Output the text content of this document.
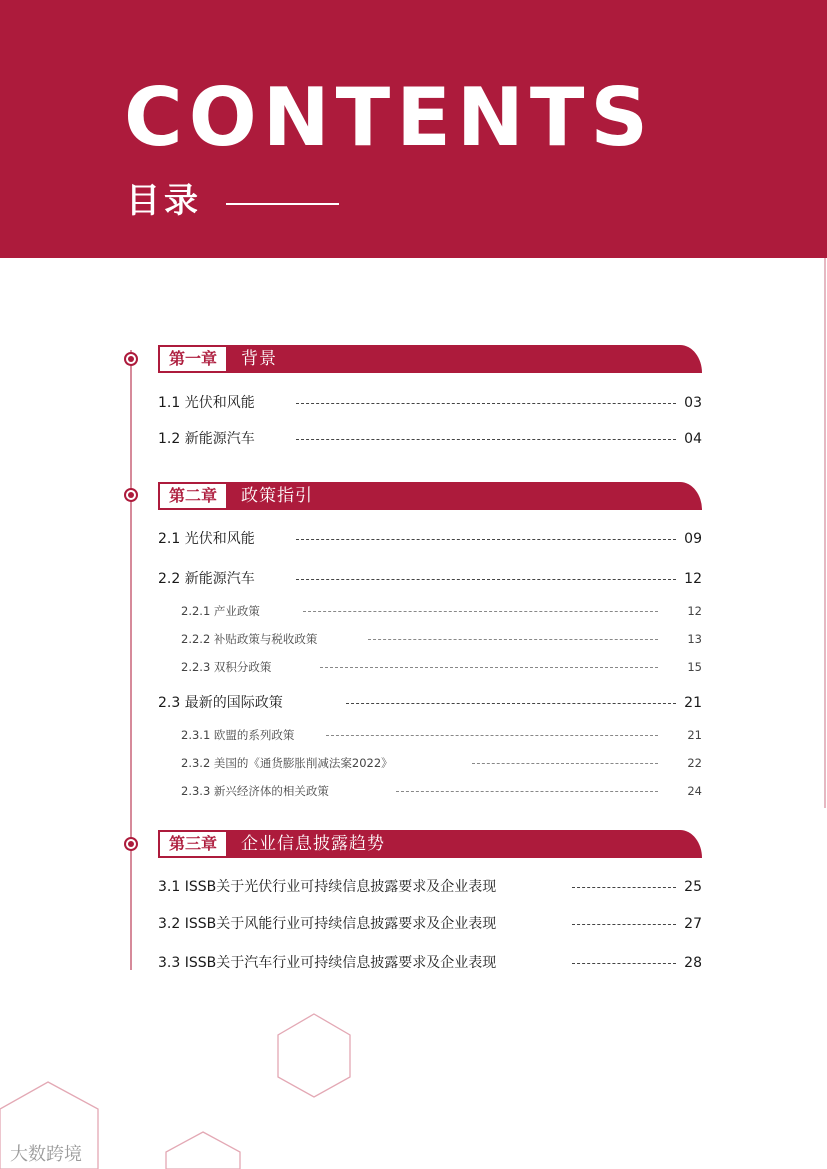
CONTENTS
目录
第一章	背景
1.1 光伏和风能	03
1.2 新能源汽车	04
第二章	政策指引
2.1 光伏和风能	09
2.2 新能源汽车	12
2.2.1 产业政策	12
2.2.2 补贴政策与税收政策	13
2.2.3 双积分政策	15
2.3 最新的国际政策	21
2.3.1 欧盟的系列政策	21
2.3.2 美国的《通货膨胀削减法案2022》	22
2.3.3 新兴经济体的相关政策	24
第三章	企业信息披露趋势
3.1 ISSB关于光伏行业可持续信息披露要求及企业表现	25
3.2 ISSB关于风能行业可持续信息披露要求及企业表现	27
3.3 ISSB关于汽车行业可持续信息披露要求及企业表现	28
大数跨境
